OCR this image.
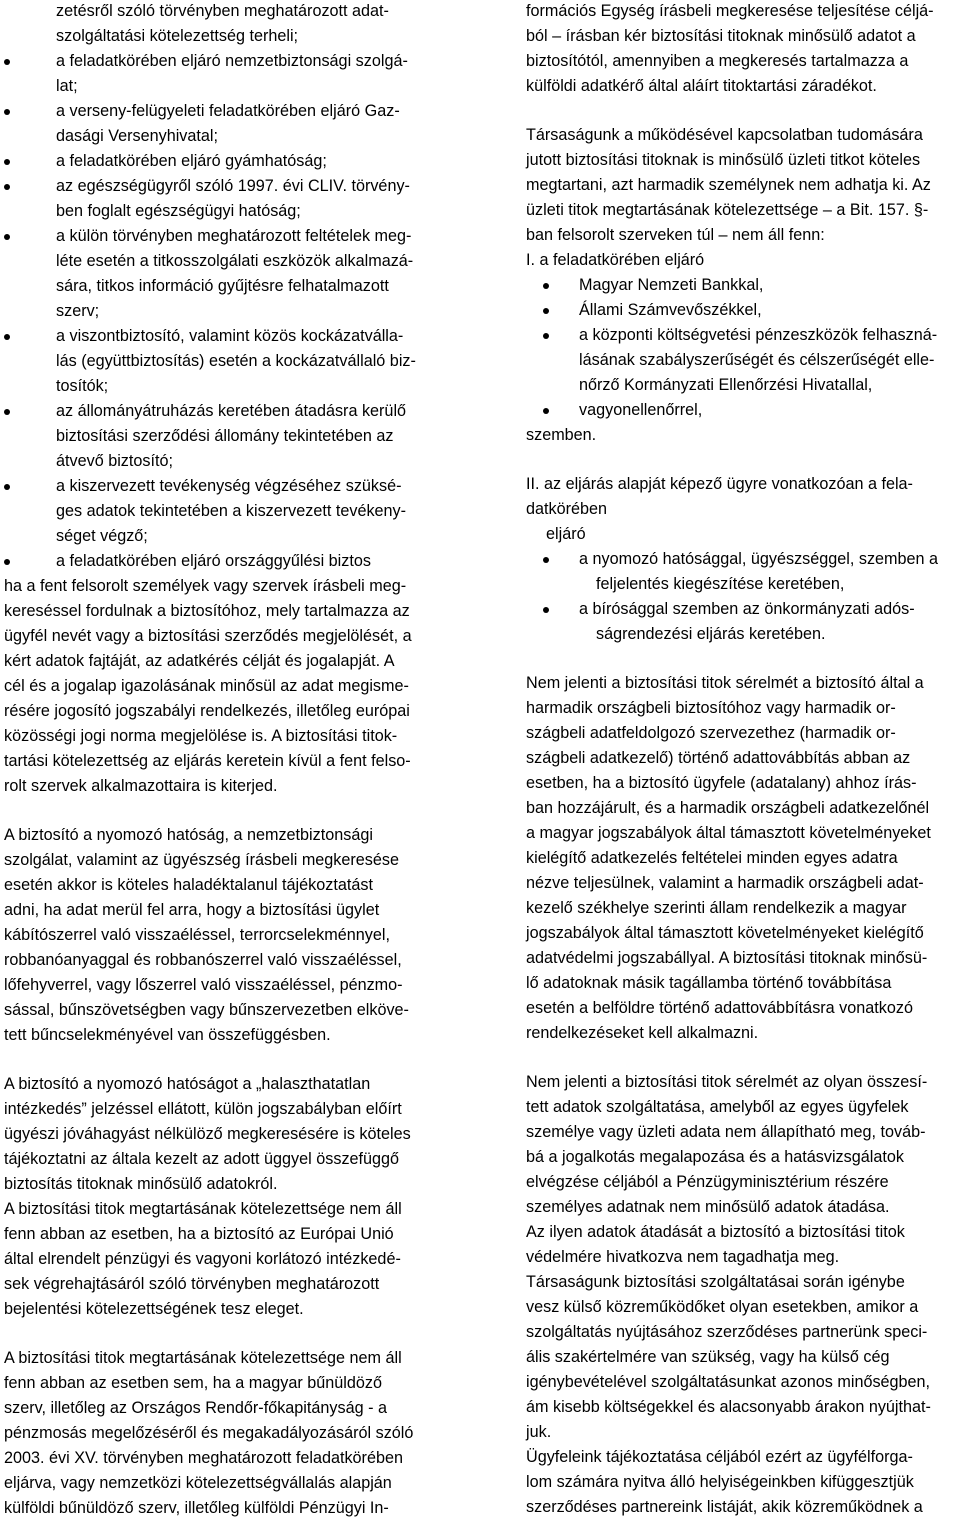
zetésről szóló törvényben meghatározott adat-
szolgáltatási kötelezettség terheli;
a feladatkörében eljáró nemzetbiztonsági szolgá-
lat;
a verseny-felügyeleti feladatkörében eljáró Gaz-
dasági Versenyhivatal;
a feladatkörében eljáró gyámhatóság;
az egészségügyről szóló 1997. évi CLIV. törvény-
ben foglalt egészségügyi hatóság;
a külön törvényben meghatározott feltételek meg-
léte esetén a titkosszolgálati eszközök alkalmazá-
sára, titkos információ gyűjtésre felhatalmazott
szerv;
a viszontbiztosító, valamint közös kockázatválla-
lás (együttbiztosítás) esetén a kockázatvállaló biz-
tosítók;
az állományátruházás keretében átadásra kerülő
biztosítási szerződési állomány tekintetében az
átvevő biztosító;
a kiszervezett tevékenység végzéséhez szüksé-
ges adatok tekintetében a kiszervezett tevékeny-
séget végző;
a feladatkörében eljáró országgyűlési biztos
ha a fent felsorolt személyek vagy szervek írásbeli meg-
kereséssel fordulnak a biztosítóhoz, mely tartalmazza az
ügyfél nevét vagy a biztosítási szerződés megjelölését, a
kért adatok fajtáját, az adatkérés célját és jogalapját. A
cél és a jogalap igazolásának minősül az adat megisme-
résére jogosító jogszabályi rendelkezés, illetőleg európai
közösségi jogi norma megjelölése is. A biztosítási titok-
tartási kötelezettség az eljárás keretein kívül a fent felso-
rolt szervek alkalmazottaira is kiterjed.
A biztosító a nyomozó hatóság, a nemzetbiztonsági
szolgálat, valamint az ügyészség írásbeli megkeresése
esetén akkor is köteles haladéktalanul tájékoztatást
adni, ha adat merül fel arra, hogy a biztosítási ügylet
kábítószerrel való visszaéléssel, terrorcselekménnyel,
robbanóanyaggal és robbanószerrel való visszaéléssel,
lőfehyverrel, vagy lőszerrel való visszaéléssel, pénzmo-
sással, bűnszövetségben vagy bűnszervezetben elköve-
tett bűncselekményével van összefüggésben.
A biztosító a nyomozó hatóságot a „halaszthatatlan
intézkedés” jelzéssel ellátott, külön jogszabályban előírt
ügyészi jóváhagyást nélkülöző megkeresésére is köteles
tájékoztatni az általa kezelt az adott üggyel összefüggő
biztosítás titoknak minősülő adatokról.
A biztosítási titok megtartásának kötelezettsége nem áll
fenn abban az esetben, ha a biztosító az Európai Unió
által elrendelt pénzügyi és vagyoni korlátozó intézkedé-
sek végrehajtásáról szóló törvényben meghatározott
bejelentési kötelezettségének tesz eleget.
A biztosítási titok megtartásának kötelezettsége nem áll
fenn abban az esetben sem, ha a magyar bűnüldöző
szerv, illetőleg az Országos Rendőr-főkapitányság - a
pénzmosás megelőzéséről és megakadályozásáról szóló
2003. évi XV. törvényben meghatározott feladatkörében
eljárva, vagy nemzetközi kötelezettségvállalás alapján
külföldi bűnüldöző szerv, illetőleg külföldi Pénzügyi In-
formációs Egység írásbeli megkeresése teljesítése céljá-
ból – írásban kér biztosítási titoknak minősülő adatot a
biztosítótól, amennyiben a megkeresés tartalmazza a
külföldi adatkérő által aláírt titoktartási záradékot.
Társaságunk a működésével kapcsolatban tudomására
jutott biztosítási titoknak is minősülő üzleti titkot köteles
megtartani, azt harmadik személynek nem adhatja ki. Az
üzleti titok megtartásának kötelezettsége – a Bit. 157. §-
ban felsorolt szerveken túl – nem áll fenn:
I. a feladatkörében eljáró
Magyar Nemzeti Bankkal,
Állami Számvevőszékkel,
a központi költségvetési pénzeszközök felhaszná-
lásának szabályszerűségét és célszerűségét elle-
nőrző Kormányzati Ellenőrzési Hivatallal,
vagyonellenőrrel,
szemben.
II. az eljárás alapját képező ügyre vonatkozóan a fela-
datkörében
eljáró
a nyomozó hatósággal, ügyészséggel, szemben a
feljelentés kiegészítése keretében,
a bírósággal szemben az önkormányzati adós-
ságrendezési eljárás keretében.
Nem jelenti a biztosítási titok sérelmét a biztosító által a
harmadik országbeli biztosítóhoz vagy harmadik or-
szágbeli adatfeldolgozó szervezethez (harmadik or-
szágbeli adatkezelő) történő adattovábbítás abban az
esetben, ha a biztosító ügyfele (adatalany) ahhoz írás-
ban hozzájárult, és a harmadik országbeli adatkezelőnél
a magyar jogszabályok által támasztott követelményeket
kielégítő adatkezelés feltételei minden egyes adatra
nézve teljesülnek, valamint a harmadik országbeli adat-
kezelő székhelye szerinti állam rendelkezik a magyar
jogszabályok által támasztott követelményeket kielégítő
adatvédelmi jogszabállyal. A biztosítási titoknak minősü-
lő adatoknak másik tagállamba történő továbbítása
esetén a belföldre történő adattovábbításra vonatkozó
rendelkezéseket kell alkalmazni.
Nem jelenti a biztosítási titok sérelmét az olyan összesí-
tett adatok szolgáltatása, amelyből az egyes ügyfelek
személye vagy üzleti adata nem állapítható meg, továb-
bá a jogalkotás megalapozása és a hatásvizsgálatok
elvégzése céljából a Pénzügyminisztérium részére
személyes adatnak nem minősülő adatok átadása.
Az ilyen adatok átadását a biztosító a biztosítási titok
védelmére hivatkozva nem tagadhatja meg.
Társaságunk biztosítási szolgáltatásai során igénybe
vesz külső közreműködőket olyan esetekben, amikor a
szolgáltatás nyújtásához szerződéses partnerünk speci-
ális szakértelmére van szükség, vagy ha külső cég
igénybevételével szolgáltatásunkat azonos minőségben,
ám kisebb költségekkel és alacsonyabb árakon nyújthat-
juk.
Ügyfeleink tájékoztatása céljából ezért az ügyfélforga-
lom számára nyitva álló helyiségeinkben kifüggesztjük
szerződéses partnereink listáját, akik közreműködnek a
